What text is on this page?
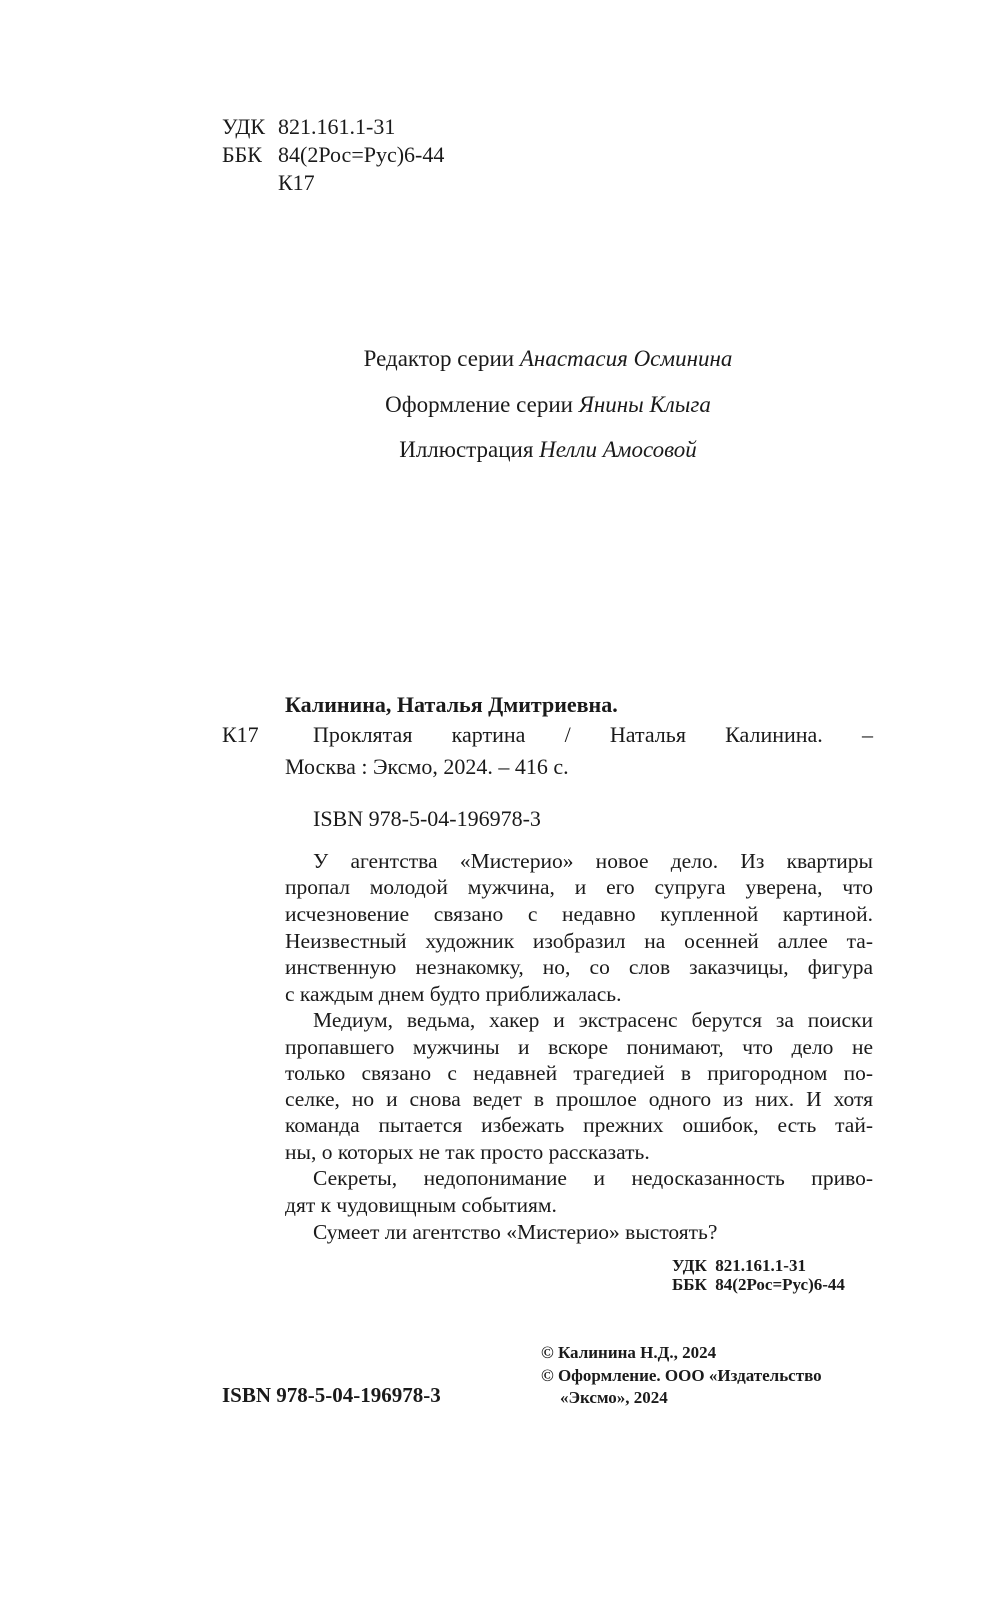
УДК 821.161.1-31
ББК 84(2Рос=Рус)6-44
К17
Редактор серии Анастасия Осминина
Оформление серии Янины Клыга
Иллюстрация Нелли Амосовой
Калинина, Наталья Дмитриевна.
К17 Проклятая картина / Наталья Калинина. –
Москва : Эксмо, 2024. – 416 с.
ISBN 978-5-04-196978-3
У агентства «Мистерио» новое дело. Из квартиры
пропал молодой мужчина, и его супруга уверена, что
исчезновение связано с недавно купленной картиной.
Неизвестный художник изобразил на осенней аллее та-
инственную незнакомку, но, со слов заказчицы, фигура
с каждым днем будто приближалась.
Медиум, ведьма, хакер и экстрасенс берутся за поиски
пропавшего мужчины и вскоре понимают, что дело не
только связано с недавней трагедией в пригородном по-
селке, но и снова ведет в прошлое одного из них. И хотя
команда пытается избежать прежних ошибок, есть тай-
ны, о которых не так просто рассказать.
Секреты, недопонимание и недосказанность приво-
дят к чудовищным событиям.
Сумеет ли агентство «Мистерио» выстоять?
УДК  821.161.1-31
ББК  84(2Рос=Рус)6-44
ISBN 978-5-04-196978-3
© Калинина Н.Д., 2024
© Оформление. ООО «Издательство
«Эксмо», 2024
